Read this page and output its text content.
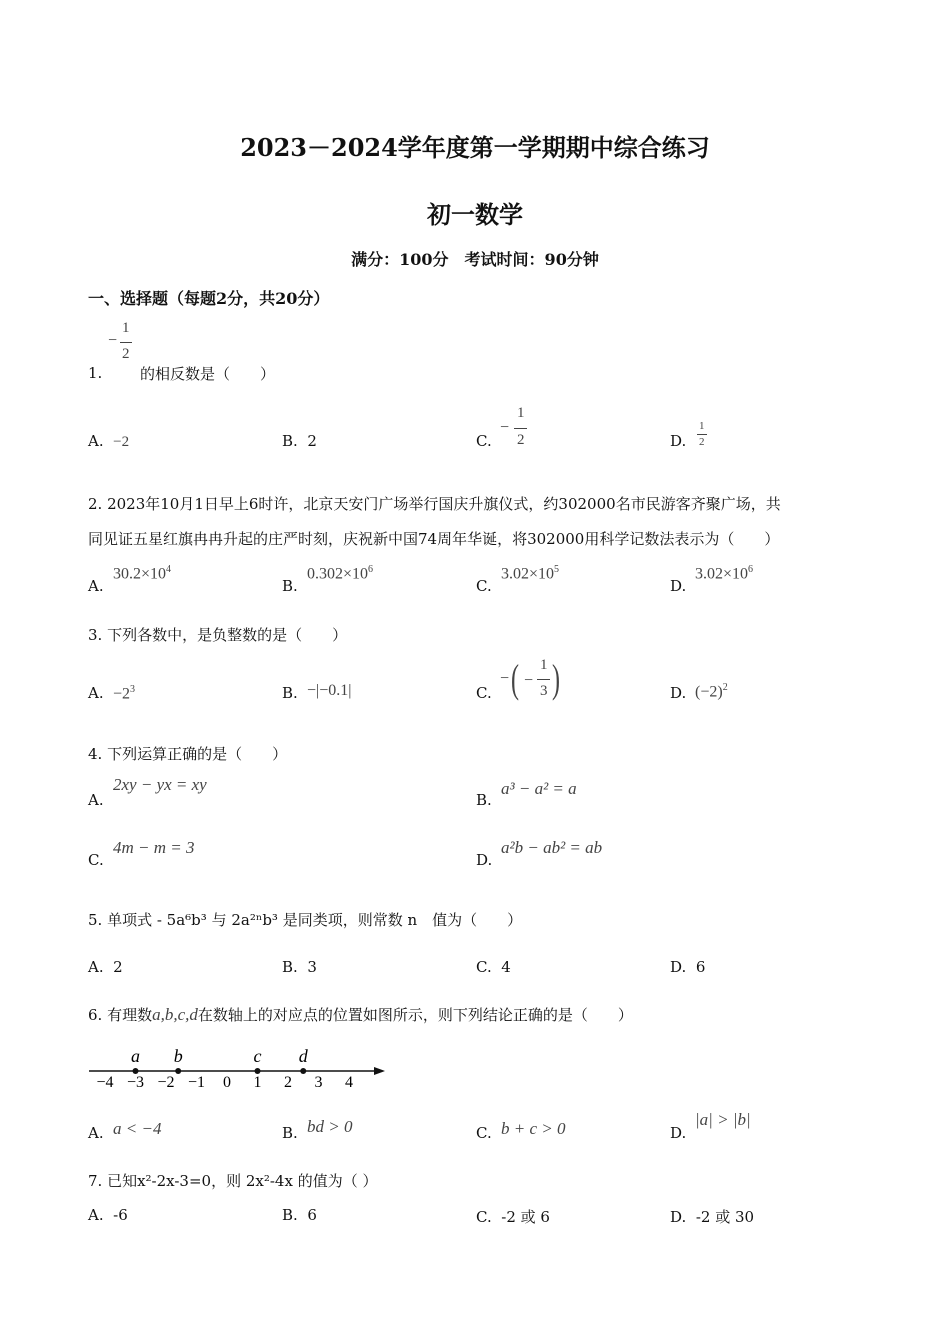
2023－2024学年度第一学期期中综合练习
初一数学
满分：100分　考试时间：90分钟
一、选择题（每题2分，共20分）
−
1
2
1.	的相反数是（　　）
A. −2	B. 2	C.
−
1
2	D.
1
2
2. 2023年10月1日早上6时许，北京天安门广场举行国庆升旗仪式，约302000名市民游客齐聚广场，共
同见证五星红旗冉冉升起的庄严时刻，庆祝新中国74周年华诞，将302000用科学记数法表示为（　　）
A.
$30.2\times 10^4$
B.
$0.302\times 10^6$
C.
$3.02\times 10^5$
D.
$3.02\times 10^6$
3. 下列各数中，是负整数的是（　　）
A. $-2^3$	B. −|−0.1|	C.
− ( −
1
3 )	D. $(-2)^2$
4. 下列运算正确的是（　　）
2xy − yx = xy
A.
a³ − a² = a
B.
4m − m = 3
C.
a²b − ab² = ab
D.
5. 单项式 - 5a⁶b³ 与 2a²ⁿb³ 是同类项，则常数 n　值为（　　）
A. 2	B. 3	C. 4	D. 6
6. 有理数a,b,c,d在数轴上的对应点的位置如图所示，则下列结论正确的是（　　）
−4 −3 −2 −1 0 1 2 3 4
a b	c d
A. a < −4	B. bd > 0	C. b + c > 0	D.
|a| > |b|
7. 已知x²-2x-3=0，则 2x²-4x 的值为（ ）
A. -6	B. 6	C. -2 或 6	D. -2 或 30
